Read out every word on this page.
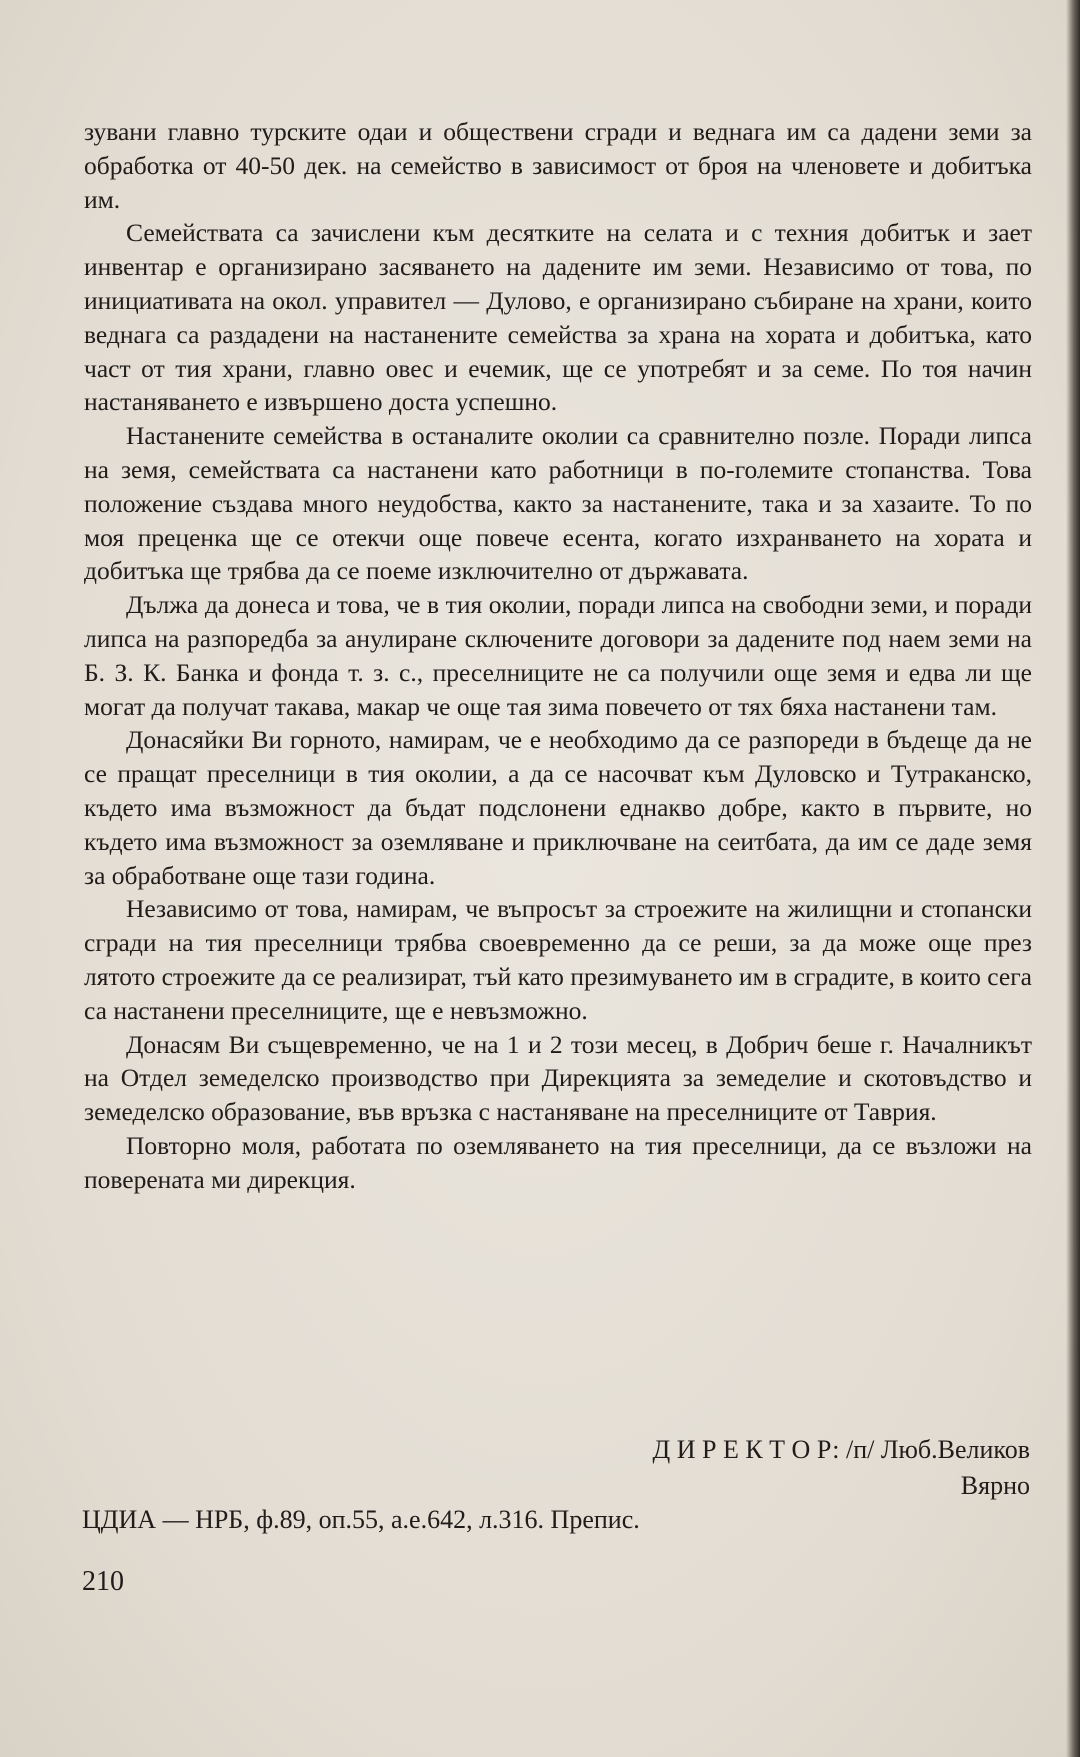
зувани главно турските одаи и обществени сгради и веднага им са дадени земи за обработка от 40-50 дек. на семейство в зависимост от броя на членовете и добитъка им.

Семействата са зачислени към десятките на селата и с техния добитък и зает инвентар е организирано засяването на дадените им земи. Независимо от това, по инициативата на окол. управител — Дулово, е организирано събиране на храни, които веднага са раздадени на настанените семейства за храна на хората и добитъка, като част от тия храни, главно овес и ечемик, ще се употребят и за семе. По тоя начин настаняването е извършено доста успешно.

Настанените семейства в останалите околии са сравнително позле. Поради липса на земя, семействата са настанени като работници в по-големите стопанства. Това положение създава много неудобства, както за настанените, така и за хазаите. То по моя преценка ще се отекчи още повече есента, когато изхранването на хората и добитъка ще трябва да се поеме изключително от държавата.

Дължа да донеса и това, че в тия околии, поради липса на свободни земи, и поради липса на разпоредба за анулиране сключените договори за дадените под наем земи на Б. З. К. Банка и фонда т. з. с., преселниците не са получили още земя и едва ли ще могат да получат такава, макар че още тая зима повечето от тях бяха настанени там.

Донасяйки Ви горното, намирам, че е необходимо да се разпореди в бъдеще да не се пращат преселници в тия околии, а да се насочват към Дуловско и Тутраканско, където има възможност да бъдат подслонени еднакво добре, както в първите, но където има възможност за оземляване и приключване на сеитбата, да им се даде земя за обработване още тази година.

Независимо от това, намирам, че въпросът за строежите на жилищни и стопански сгради на тия преселници трябва своевременно да се реши, за да може още през лятото строежите да се реализират, тъй като презимуването им в сградите, в които сега са настанени преселниците, ще е невъзможно.

Донасям Ви същевременно, че на 1 и 2 този месец, в Добрич беше г. Началникът на Отдел земеделско производство при Дирекцията за земеделие и скотовъдство и земеделско образование, във връзка с настаняване на преселниците от Таврия.

Повторно моля, работата по оземляването на тия преселници, да се възложи на поверената ми дирекция.

Д И Р Е К Т О Р: /п/ Люб.Великов
Вярно
ЦДИА — НРБ, ф.89, оп.55, а.е.642, л.316. Препис.
210
